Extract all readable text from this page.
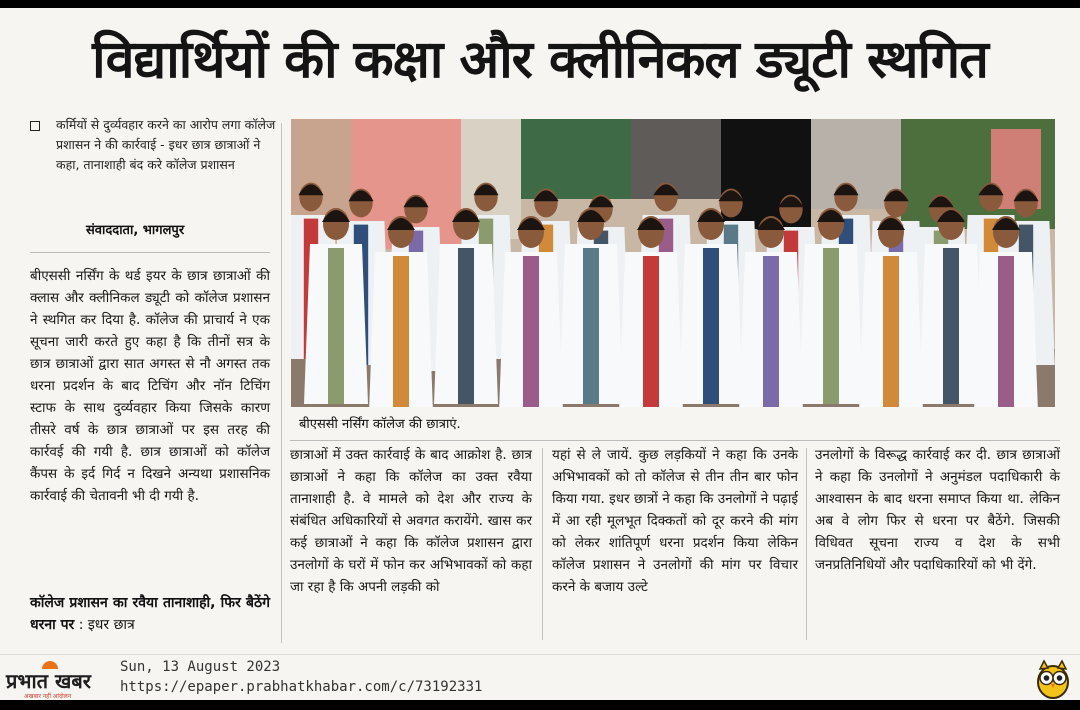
विद्यार्थियों की कक्षा और क्लीनिकल ड्यूटी स्थगित

कर्मियों से दुर्व्यवहार करने का आरोप लगा कॉलेज प्रशासन ने की कार्रवाई - इधर छात्र छात्राओं ने कहा, तानाशाही बंद करे कॉलेज प्रशासन

संवाददाता, भागलपुर

बीएससी नर्सिंग के थर्ड इयर के छात्र छात्राओं की क्लास और क्लीनिकल ड्यूटी को कॉलेज प्रशासन ने स्थगित कर दिया है. कॉलेज की प्राचार्य ने एक सूचना जारी करते हुए कहा है कि तीनों सत्र के छात्र छात्राओं द्वारा सात अगस्त से नौ अगस्त तक धरना प्रदर्शन के बाद टिचिंग और नॉन टिचिंग स्टाफ के साथ दुर्व्यवहार किया जिसके कारण तीसरे वर्ष के छात्र छात्राओं पर इस तरह की कार्रवई की गयी है. छात्र छात्राओं को कॉलेज कैंपस के इर्द गिर्द न दिखने अन्यथा प्रशासनिक कार्रवाई की चेतावनी भी दी गयी है.

कॉलेज प्रशासन का रवैया तानाशाही, फिर बैठेंगे धरना पर : इधर छात्र

बीएससी नर्सिंग कॉलेज की छात्राएं.

छात्राओं में उक्त कार्रवाई के बाद आक्रोश है. छात्र छात्राओं ने कहा कि कॉलेज का उक्त रवैया तानाशाही है. वे मामले को देश और राज्य के संबंधित अधिकारियों से अवगत करायेंगे. खास कर कई छात्राओं ने कहा कि कॉलेज प्रशासन द्वारा उनलोगों के घरों में फोन कर अभिभावकों को कहा जा रहा है कि अपनी लड़की को

यहां से ले जायें. कुछ लड़कियों ने कहा कि उनके अभिभावकों को तो कॉलेज से तीन तीन बार फोन किया गया. इधर छात्रों ने कहा कि उनलोगों ने पढ़ाई में आ रही मूलभूत दिक्कतों को दूर करने की मांग को लेकर शांतिपूर्ण धरना प्रदर्शन किया लेकिन कॉलेज प्रशासन ने उनलोगों की मांग पर विचार करने के बजाय उल्टे

उनलोगों के विरूद्ध कार्रवाई कर दी. छात्र छात्राओं ने कहा कि उनलोगों ने अनुमंडल पदाधिकारी के आश्वासन के बाद धरना समाप्त किया था. लेकिन अब वे लोग फिर से धरना पर बैठेंगे. जिसकी विधिवत सूचना राज्य व देश के सभी जनप्रतिनिधियों और पदाधिकारियों को भी देंगे.

प्रभात खबर
अखबार नहीं आंदोलन
Sun, 13 August 2023
https://epaper.prabhatkhabar.com/c/73192331
